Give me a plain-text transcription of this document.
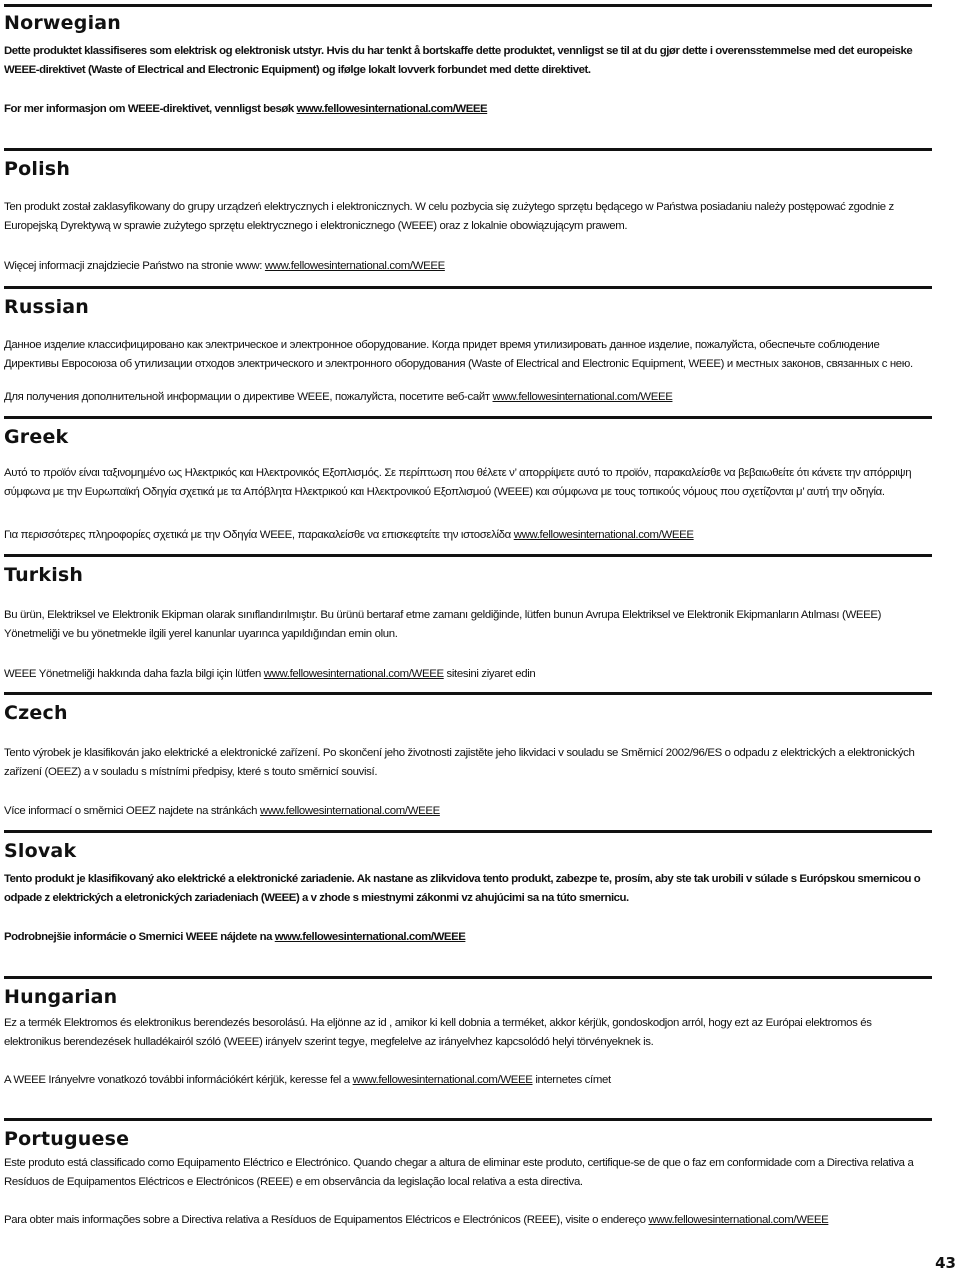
Norwegian

Dette produktet klassifiseres som elektrisk og elektronisk utstyr. Hvis du har tenkt å bortskaffe dette produktet, vennligst se til at du gjør dette i overensstemmelse med det europeiske WEEE-direktivet (Waste of Electrical and Electronic Equipment) og ifølge lokalt lovverk forbundet med dette direktivet.

For mer informasjon om WEEE-direktivet, vennligst besøk www.fellowesinternational.com/WEEE

Polish

Ten produkt został zaklasyfikowany do grupy urządzeń elektrycznych i elektronicznych. W celu pozbycia się zużytego sprzętu będącego w Państwa posiadaniu należy postępować zgodnie z Europejską Dyrektywą w sprawie zużytego sprzętu elektrycznego i elektronicznego (WEEE) oraz z lokalnie obowiązującym prawem.

Więcej informacji znajdziecie Państwo na stronie www: www.fellowesinternational.com/WEEE

Russian

Данное изделие классифицировано как электрическое и электронное оборудование. Когда придет время утилизировать данное изделие, пожалуйста, обеспечьте соблюдение Директивы Евросоюза об утилизации отходов электрического и электронного оборудования (Waste of Electrical and Electronic Equipment, WEEE) и местных законов, связанных с нею.

Для получения дополнительной информации о директиве WEEE, пожалуйста, посетите веб-сайт www.fellowesinternational.com/WEEE

Greek

Αυτό το προϊόν είναι ταξινομημένο ως Ηλεκτρικός και Ηλεκτρονικός Εξοπλισμός. Σε περίπτωση που θέλετε ν’ απορρίψετε αυτό το προϊόν, παρακαλείσθε να βεβαιωθείτε ότι κάνετε την απόρριψη σύμφωνα με την Ευρωπαϊκή Οδηγία σχετικά με τα Απόβλητα Ηλεκτρικού και Ηλεκτρονικού Εξοπλισμού (WEEE) και σύμφωνα με τους τοπικούς νόμους που σχετίζονται μ’ αυτή την οδηγία.

Για περισσότερες πληροφορίες σχετικά με την Οδηγία WEEE, παρακαλείσθε να επισκεφτείτε την ιστοσελίδα www.fellowesinternational.com/WEEE

Turkish

Bu ürün, Elektriksel ve Elektronik Ekipman olarak sınıflandırılmıştır. Bu ürünü bertaraf etme zamanı geldiğinde, lütfen bunun Avrupa Elektriksel ve Elektronik Ekipmanların Atılması (WEEE) Yönetmeliği ve bu yönetmekle ilgili yerel kanunlar uyarınca yapıldığından emin olun.

WEEE Yönetmeliği hakkında daha fazla bilgi için lütfen www.fellowesinternational.com/WEEE sitesini ziyaret edin

Czech

Tento výrobek je klasifikován jako elektrické a elektronické zařízení. Po skončení jeho životnosti zajistěte jeho likvidaci v souladu se Směrnicí 2002/96/ES o odpadu z elektrických a elektronických zařízení (OEEZ) a v souladu s místními předpisy, které s touto směrnicí souvisí.

Více informací o směrnici OEEZ najdete na stránkách www.fellowesinternational.com/WEEE

Slovak

Tento produkt je klasifikovaný ako elektrické a elektronické zariadenie. Ak nastane as zlikvidova tento produkt, zabezpe te, prosím, aby ste tak urobili v súlade s Európskou smernicou o odpade z elektrických a eletronických zariadeniach (WEEE) a v zhode s miestnymi zákonmi vz ahujúcimi sa na túto smernicu.

Podrobnejšie informácie o Smernici WEEE nájdete na www.fellowesinternational.com/WEEE

Hungarian

Ez a termék Elektromos és elektronikus berendezés besorolású. Ha eljönne az id , amikor ki kell dobnia a terméket, akkor kérjük, gondoskodjon arról, hogy ezt az Európai elektromos és elektronikus berendezések hulladékairól szóló (WEEE) irányelv szerint tegye, megfelelve az irányelvhez kapcsolódó helyi törvényeknek is.

A WEEE Irányelvre vonatkozó további információkért kérjük, keresse fel a www.fellowesinternational.com/WEEE internetes címet

Portuguese

Este produto está classificado como Equipamento Eléctrico e Electrónico. Quando chegar a altura de eliminar este produto, certifique-se de que o faz em conformidade com a Directiva relativa a Resíduos de Equipamentos Eléctricos e Electrónicos (REEE) e em observância da legislação local relativa a esta directiva.

Para obter mais informações sobre a Directiva relativa a Resíduos de Equipamentos Eléctricos e Electrónicos (REEE), visite o endereço www.fellowesinternational.com/WEEE

43
